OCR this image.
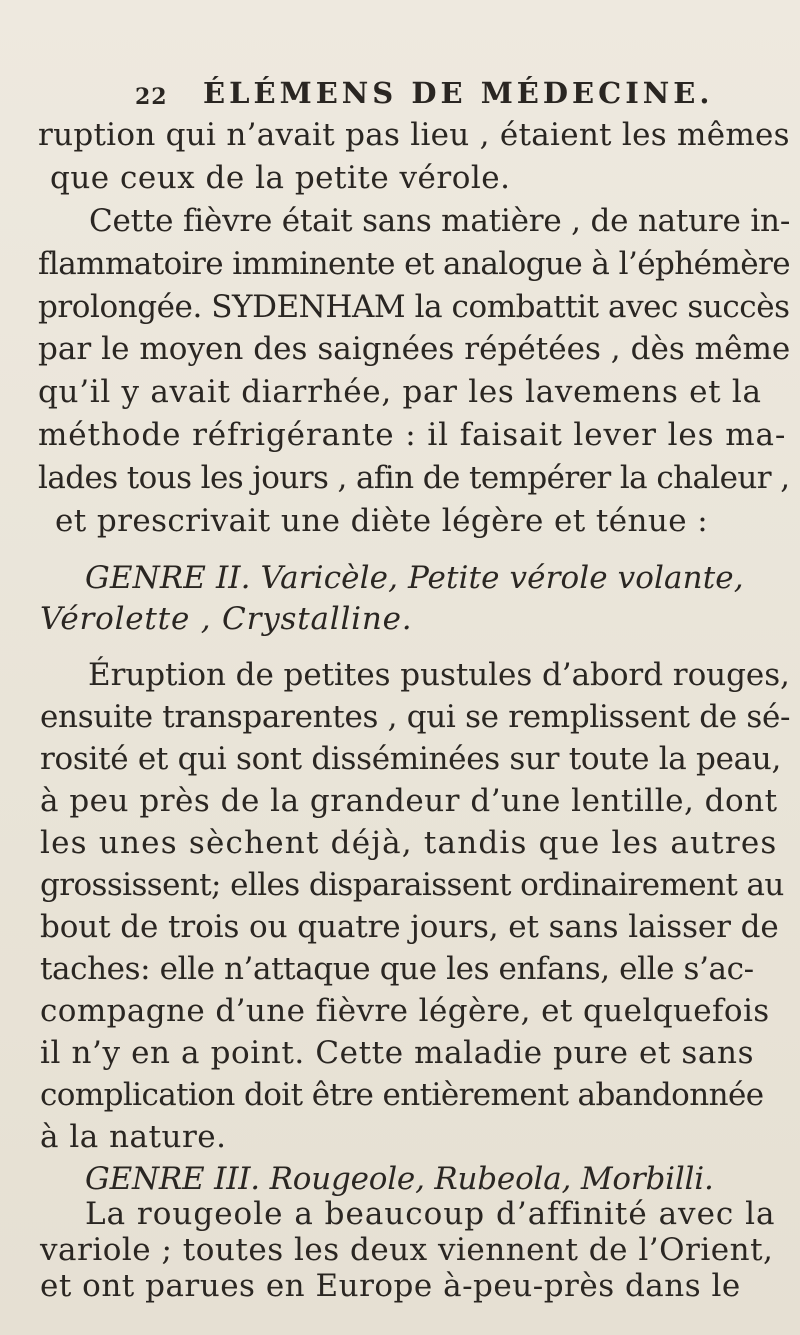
22 ÉLÉMENS DE MÉDECINE.
ruption qui n’avait pas lieu , étaient les mêmes
que ceux de la petite vérole.
Cette fièvre était sans matière , de nature in-
flammatoire imminente et analogue à l’éphémère
prolongée. SYDENHAM la combattit avec succès
par le moyen des saignées répétées , dès même
qu’il y avait diarrhée, par les lavemens et la
méthode réfrigérante : il faisait lever les ma-
lades tous les jours , afin de tempérer la chaleur ,
et prescrivait une diète légère et ténue :
GENRE II. Varicèle, Petite vérole volante,
Vérolette , Crystalline.
Éruption de petites pustules d’abord rouges,
ensuite transparentes , qui se remplissent de sé-
rosité et qui sont disséminées sur toute la peau,
à peu près de la grandeur d’une lentille, dont
les unes sèchent déjà, tandis que les autres
grossissent; elles disparaissent ordinairement au
bout de trois ou quatre jours, et sans laisser de
taches: elle n’attaque que les enfans, elle s’ac-
compagne d’une fièvre légère, et quelquefois
il n’y en a point. Cette maladie pure et sans
complication doit être entièrement abandonnée
à la nature.
GENRE III. Rougeole, Rubeola, Morbilli.
La rougeole a beaucoup d’affinité avec la
variole ; toutes les deux viennent de l’Orient,
et ont parues en Europe à-peu-près dans le
